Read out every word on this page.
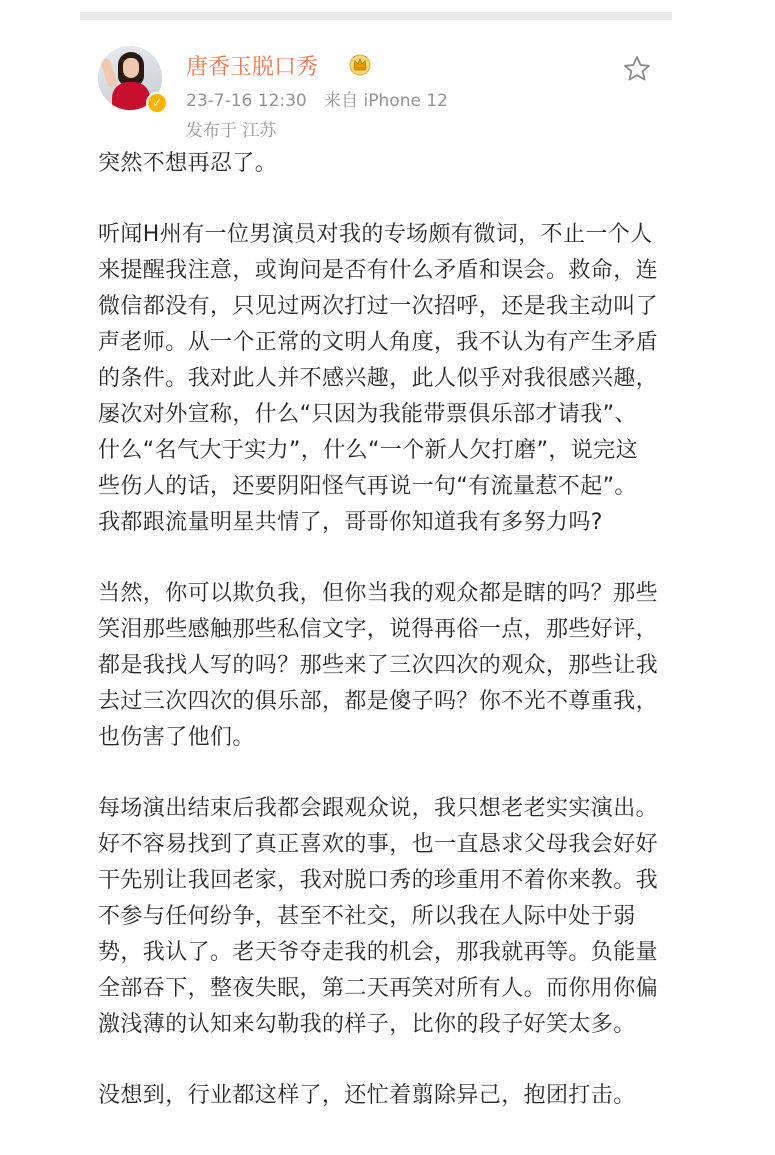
✓
唐香玉脱口秀
23-7-16 12:30 来自 iPhone 12
发布于 江苏

突然不想再忍了。

听闻H州有一位男演员对我的专场颇有微词，不止一个人来提醒我注意，或询问是否有什么矛盾和误会。救命，连微信都没有，只见过两次打过一次招呼，还是我主动叫了声老师。从一个正常的文明人角度，我不认为有产生矛盾的条件。我对此人并不感兴趣，此人似乎对我很感兴趣，屡次对外宣称，什么“只因为我能带票俱乐部才请我”、什么“名气大于实力”，什么“一个新人欠打磨”，说完这些伤人的话，还要阴阳怪气再说一句“有流量惹不起”。我都跟流量明星共情了，哥哥你知道我有多努力吗?

当然，你可以欺负我，但你当我的观众都是瞎的吗？那些笑泪那些感触那些私信文字，说得再俗一点，那些好评，都是我找人写的吗？那些来了三次四次的观众，那些让我去过三次四次的俱乐部，都是傻子吗？你不光不尊重我，也伤害了他们。

每场演出结束后我都会跟观众说，我只想老老实实演出。好不容易找到了真正喜欢的事，也一直恳求父母我会好好干先别让我回老家，我对脱口秀的珍重用不着你来教。我不参与任何纷争，甚至不社交，所以我在人际中处于弱势，我认了。老天爷夺走我的机会，那我就再等。负能量全部吞下，整夜失眠，第二天再笑对所有人。而你用你偏激浅薄的认知来勾勒我的样子，比你的段子好笑太多。

没想到，行业都这样了，还忙着翦除异己，抱团打击。
